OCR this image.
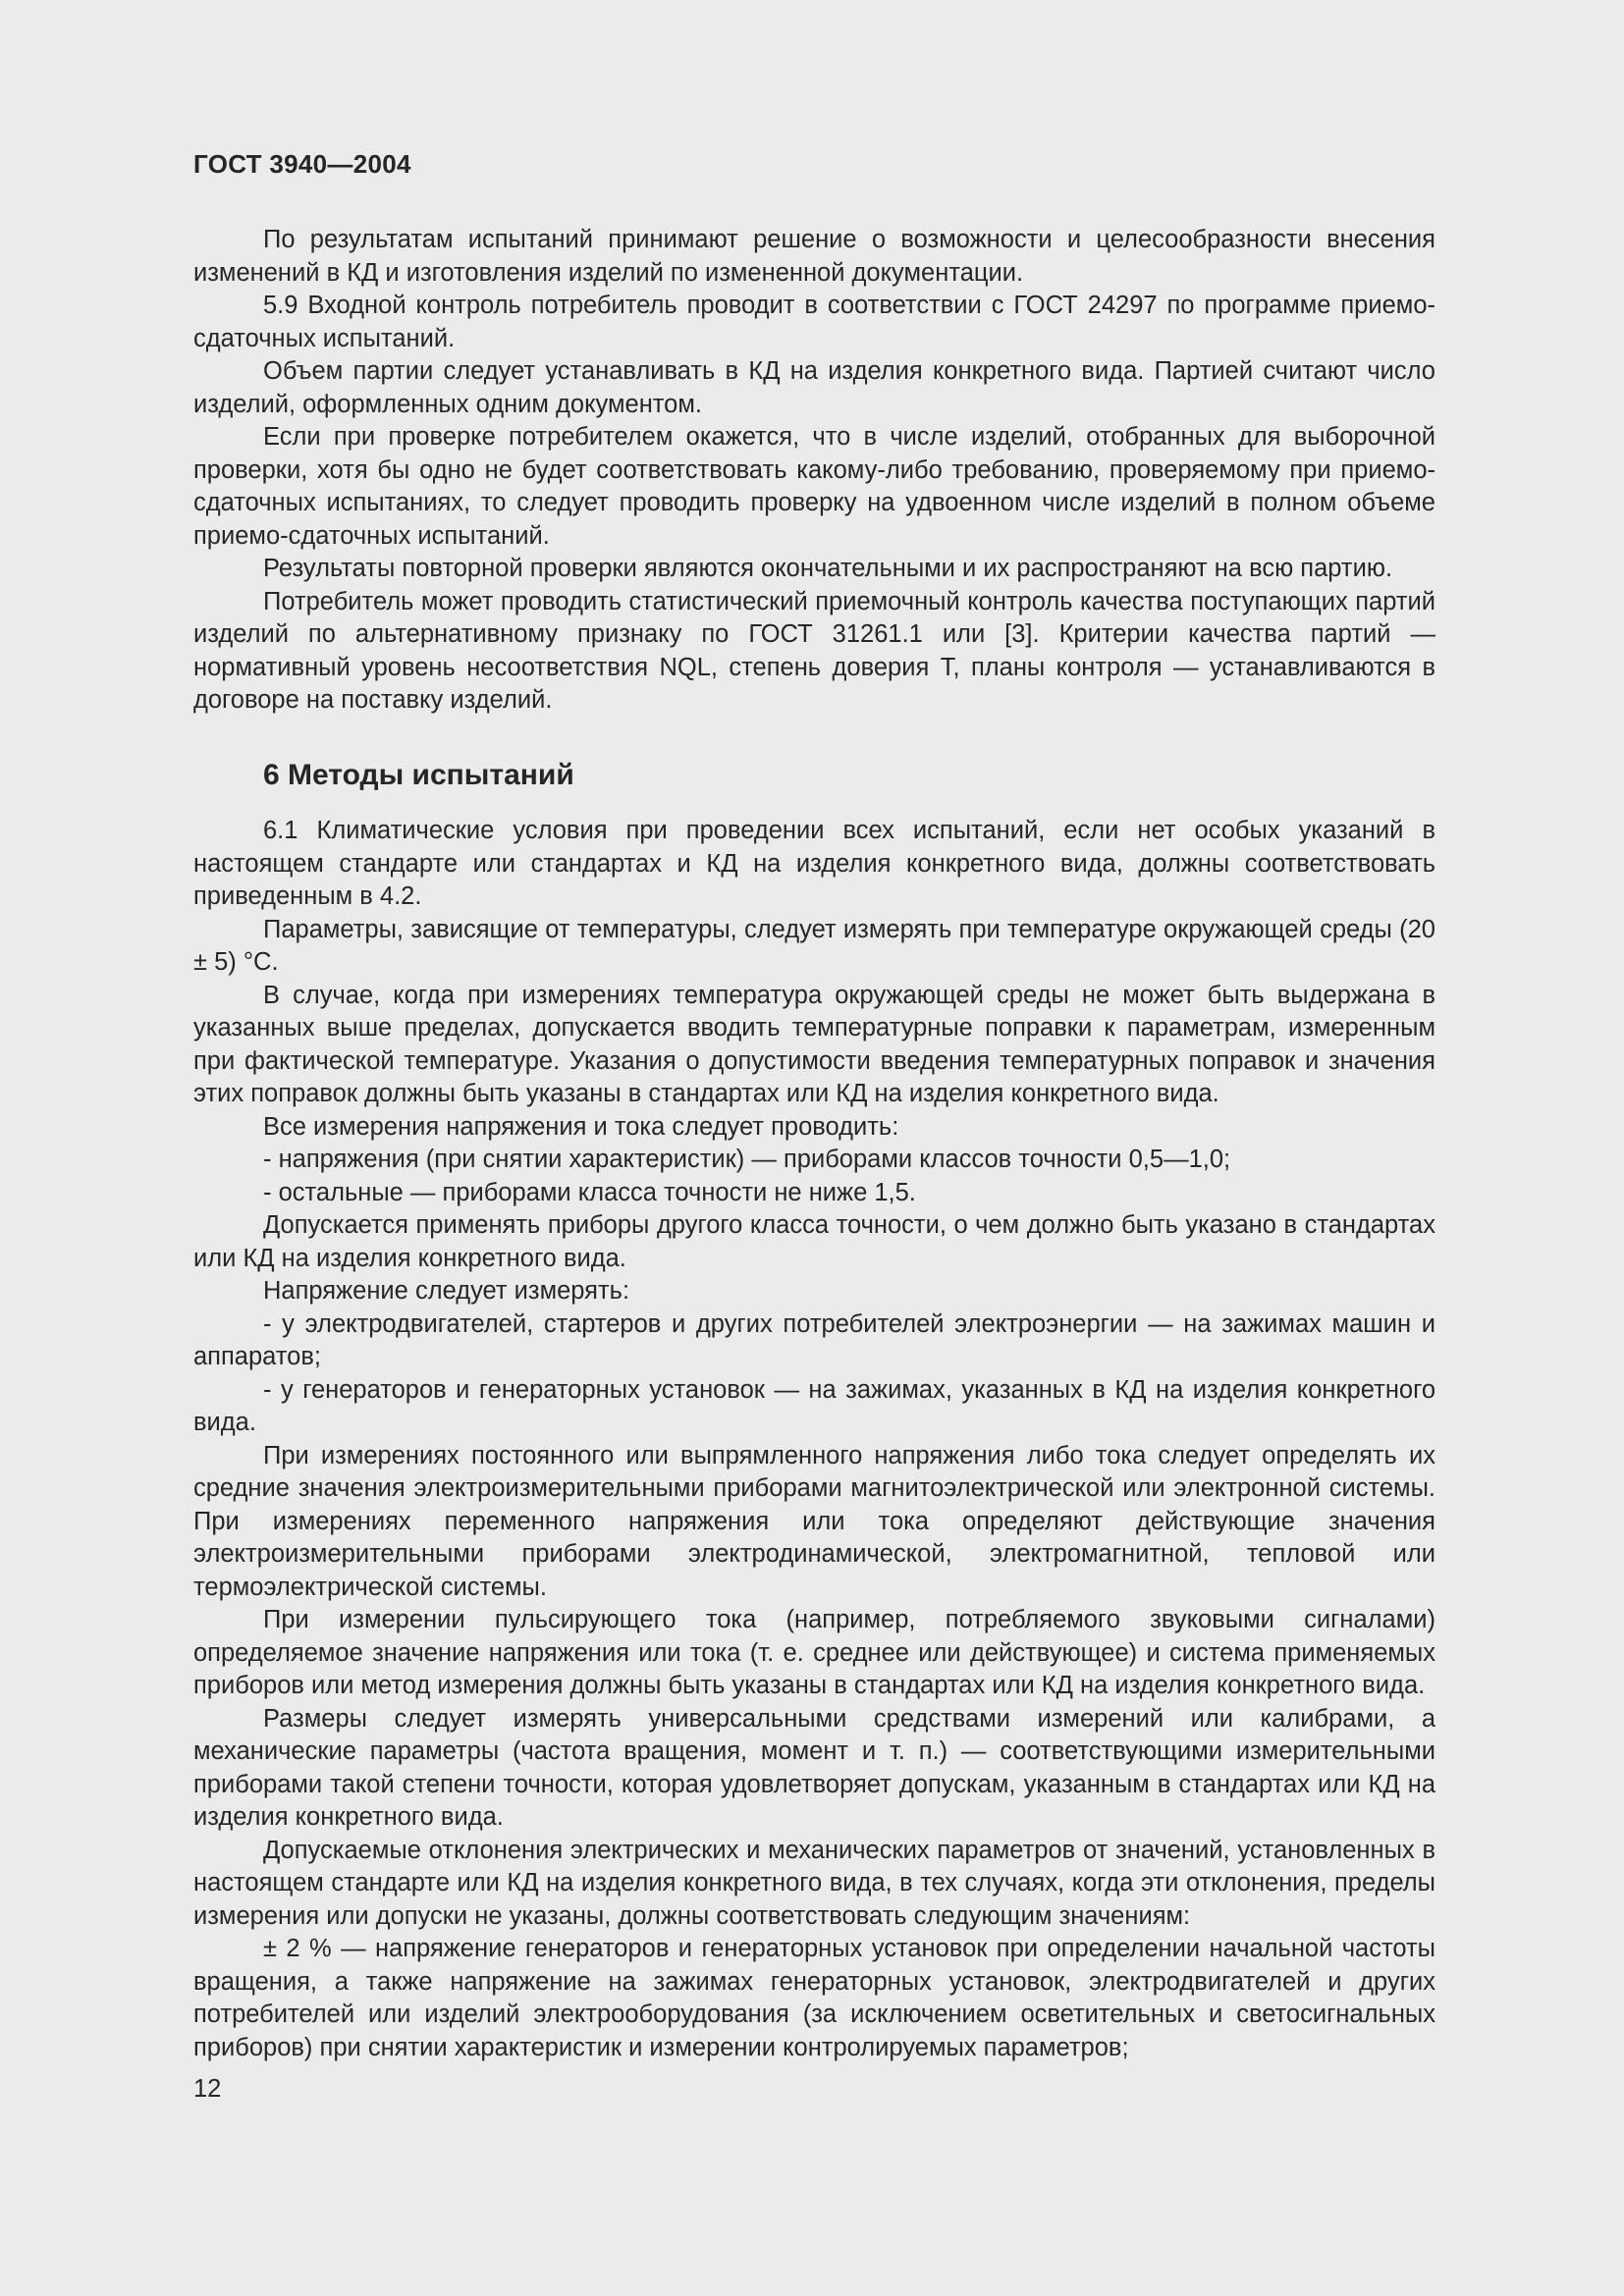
ГОСТ 3940—2004

По результатам испытаний принимают решение о возможности и целесообразности внесения изменений в КД и изготовления изделий по измененной документации.

5.9 Входной контроль потребитель проводит в соответствии с ГОСТ 24297 по программе приемо-сдаточных испытаний.

Объем партии следует устанавливать в КД на изделия конкретного вида. Партией считают число изделий, оформленных одним документом.

Если при проверке потребителем окажется, что в числе изделий, отобранных для выборочной проверки, хотя бы одно не будет соответствовать какому-либо требованию, проверяемому при приемо-сдаточных испытаниях, то следует проводить проверку на удвоенном числе изделий в полном объеме приемо-сдаточных испытаний.

Результаты повторной проверки являются окончательными и их распространяют на всю партию.

Потребитель может проводить статистический приемочный контроль качества поступающих партий изделий по альтернативному признаку по ГОСТ 31261.1 или [3]. Критерии качества партий — нормативный уровень несоответствия NQL, степень доверия T, планы контроля — устанавливаются в договоре на поставку изделий.

6 Методы испытаний

6.1 Климатические условия при проведении всех испытаний, если нет особых указаний в настоящем стандарте или стандартах и КД на изделия конкретного вида, должны соответствовать приведенным в 4.2.

Параметры, зависящие от температуры, следует измерять при температуре окружающей среды (20 ± 5) °С.

В случае, когда при измерениях температура окружающей среды не может быть выдержана в указанных выше пределах, допускается вводить температурные поправки к параметрам, измеренным при фактической температуре. Указания о допустимости введения температурных поправок и значения этих поправок должны быть указаны в стандартах или КД на изделия конкретного вида.

Все измерения напряжения и тока следует проводить:

- напряжения (при снятии характеристик) — приборами классов точности 0,5—1,0;

- остальные — приборами класса точности не ниже 1,5.

Допускается применять приборы другого класса точности, о чем должно быть указано в стандартах или КД на изделия конкретного вида.

Напряжение следует измерять:

- у электродвигателей, стартеров и других потребителей электроэнергии — на зажимах машин и аппаратов;

- у генераторов и генераторных установок — на зажимах, указанных в КД на изделия конкретного вида.

При измерениях постоянного или выпрямленного напряжения либо тока следует определять их средние значения электроизмерительными приборами магнитоэлектрической или электронной системы. При измерениях переменного напряжения или тока определяют действующие значения электроизмерительными приборами электродинамической, электромагнитной, тепловой или термоэлектрической системы.

При измерении пульсирующего тока (например, потребляемого звуковыми сигналами) определяемое значение напряжения или тока (т. е. среднее или действующее) и система применяемых приборов или метод измерения должны быть указаны в стандартах или КД на изделия конкретного вида.

Размеры следует измерять универсальными средствами измерений или калибрами, а механические параметры (частота вращения, момент и т. п.) — соответствующими измерительными приборами такой степени точности, которая удовлетворяет допускам, указанным в стандартах или КД на изделия конкретного вида.

Допускаемые отклонения электрических и механических параметров от значений, установленных в настоящем стандарте или КД на изделия конкретного вида, в тех случаях, когда эти отклонения, пределы измерения или допуски не указаны, должны соответствовать следующим значениям:

± 2 % — напряжение генераторов и генераторных установок при определении начальной частоты вращения, а также напряжение на зажимах генераторных установок, электродвигателей и других потребителей или изделий электрооборудования (за исключением осветительных и светосигнальных приборов) при снятии характеристик и измерении контролируемых параметров;

12
